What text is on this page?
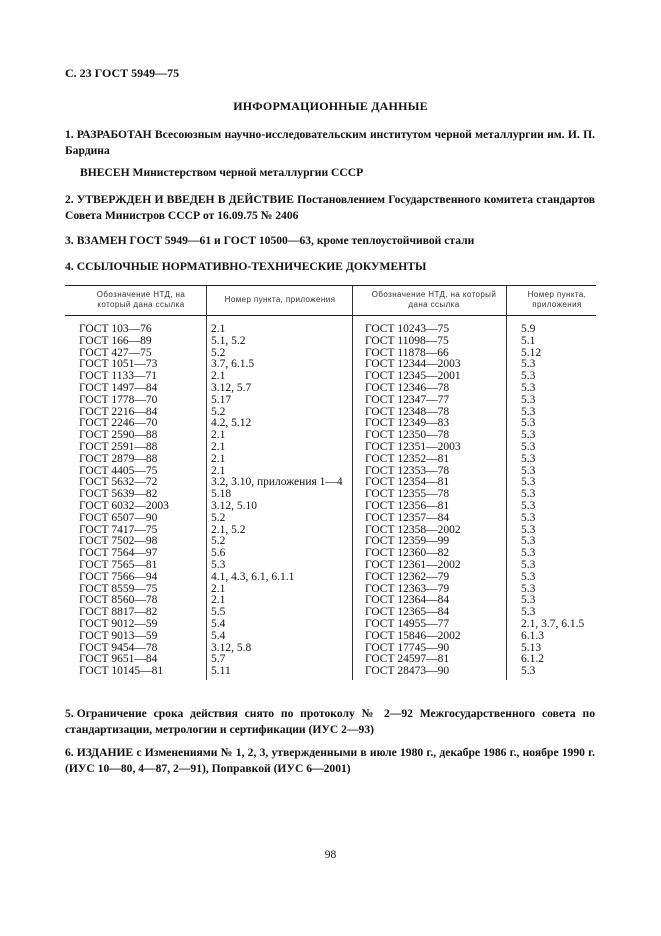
С. 23 ГОСТ 5949—75
ИНФОРМАЦИОННЫЕ ДАННЫЕ
1. РАЗРАБОТАН Всесоюзным научно-исследовательским институтом черной металлургии им. И. П. Бардина
ВНЕСЕН Министерством черной металлургии СССР
2. УТВЕРЖДЕН И ВВЕДЕН В ДЕЙСТВИЕ Постановлением Государственного комитета стандартов Совета Министров СССР от 16.09.75 № 2406
3. ВЗАМЕН ГОСТ 5949—61 и ГОСТ 10500—63, кроме теплоустойчивой стали
4. ССЫЛОЧНЫЕ НОРМАТИВНО-ТЕХНИЧЕСКИЕ ДОКУМЕНТЫ
Обозначение НТД, на который дана ссылка	Номер пункта, приложения	Обозначение НТД, на который дана ссылка	Номер пункта, приложения

ГОСТ 103—76	2.1	ГОСТ 10243—75	5.9
ГОСТ 166—89	5.1, 5.2	ГОСТ 11098—75	5.1
ГОСТ 427—75	5.2	ГОСТ 11878—66	5.12
ГОСТ 1051—73	3.7, 6.1.5	ГОСТ 12344—2003	5.3
ГОСТ 1133—71	2.1	ГОСТ 12345—2001	5.3
ГОСТ 1497—84	3.12, 5.7	ГОСТ 12346—78	5.3
ГОСТ 1778—70	5.17	ГОСТ 12347—77	5.3
ГОСТ 2216—84	5.2	ГОСТ 12348—78	5.3
ГОСТ 2246—70	4.2, 5.12	ГОСТ 12349—83	5.3
ГОСТ 2590—88	2.1	ГОСТ 12350—78	5.3
ГОСТ 2591—88	2.1	ГОСТ 12351—2003	5.3
ГОСТ 2879—88	2.1	ГОСТ 12352—81	5.3
ГОСТ 4405—75	2.1	ГОСТ 12353—78	5.3
ГОСТ 5632—72	3.2, 3.10, приложения 1—4	ГОСТ 12354—81	5.3
ГОСТ 5639—82	5.18	ГОСТ 12355—78	5.3
ГОСТ 6032—2003	3.12, 5.10	ГОСТ 12356—81	5.3
ГОСТ 6507—90	5.2	ГОСТ 12357—84	5.3
ГОСТ 7417—75	2.1, 5.2	ГОСТ 12358—2002	5.3
ГОСТ 7502—98	5.2	ГОСТ 12359—99	5.3
ГОСТ 7564—97	5.6	ГОСТ 12360—82	5.3
ГОСТ 7565—81	5.3	ГОСТ 12361—2002	5.3
ГОСТ 7566—94	4.1, 4.3, 6.1, 6.1.1	ГОСТ 12362—79	5.3
ГОСТ 8559—75	2.1	ГОСТ 12363—79	5.3
ГОСТ 8560—78	2.1	ГОСТ 12364—84	5.3
ГОСТ 8817—82	5.5	ГОСТ 12365—84	5.3
ГОСТ 9012—59	5.4	ГОСТ 14955—77	2.1, 3.7, 6.1.5
ГОСТ 9013—59	5.4	ГОСТ 15846—2002	6.1.3
ГОСТ 9454—78	3.12, 5.8	ГОСТ 17745—90	5.13
ГОСТ 9651—84	5.7	ГОСТ 24597—81	6.1.2
ГОСТ 10145—81	5.11	ГОСТ 28473—90	5.3
5. Ограничение срока действия снято по протоколу № 2—92 Межгосударственного совета по стандартизации, метрологии и сертификации (ИУС 2—93)
6. ИЗДАНИЕ с Изменениями № 1, 2, 3, утвержденными в июле 1980 г., декабре 1986 г., ноябре 1990 г. (ИУС 10—80, 4—87, 2—91), Поправкой (ИУС 6—2001)
98
